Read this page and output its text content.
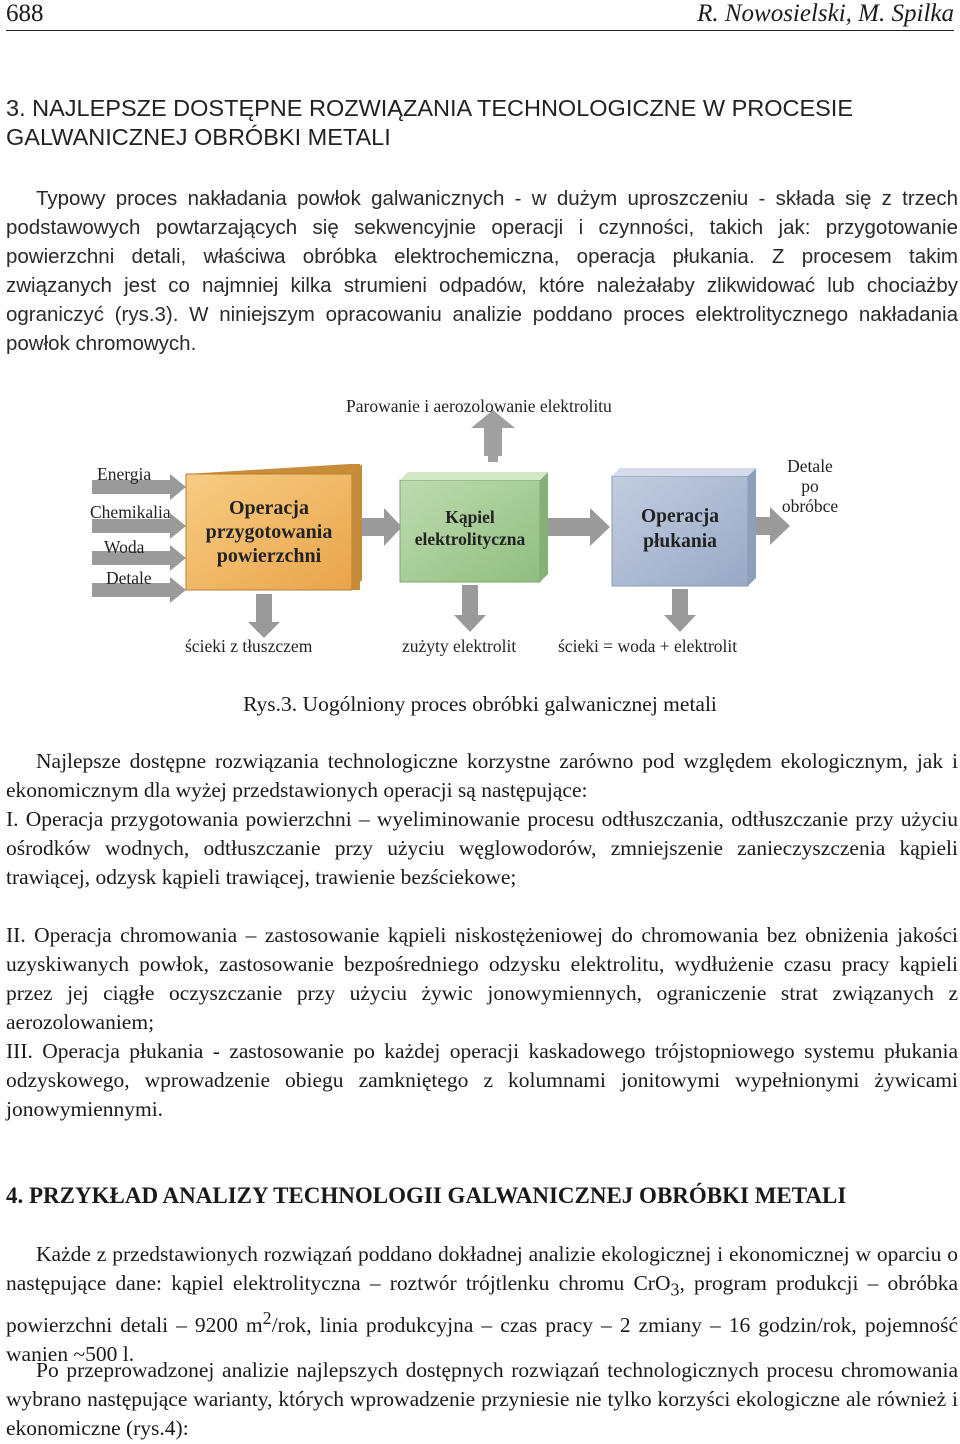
688	R. Nowosielski, M. Spilka
3. NAJLEPSZE DOSTĘPNE ROZWIĄZANIA TECHNOLOGICZNE W PROCESIE
GALWANICZNEJ OBRÓBKI METALI

Typowy proces nakładania powłok galwanicznych - w dużym uproszczeniu - składa się z trzech podstawowych powtarzających się sekwencyjnie operacji i czynności, takich jak: przygotowanie powierzchni detali, właściwa obróbka elektrochemiczna, operacja płukania. Z procesem takim związanych jest co najmniej kilka strumieni odpadów, które należałaby zlikwidować lub chociażby ograniczyć (rys.3). W niniejszym opracowaniu analizie poddano proces elektrolitycznego nakładania powłok chromowych.

Parowanie i aerozolowanie elektrolitu
Energia
Chemikalia
Woda
Detale
Operacja przygotowania powierzchni
Kąpiel elektrolityczna
Operacja płukania
Detale
po
obróbce
ścieki z tłuszczem	zużyty elektrolit ścieki = woda + elektrolit
Rys.3. Uogólniony proces obróbki galwanicznej metali

Najlepsze dostępne rozwiązania technologiczne korzystne zarówno pod względem ekologicznym, jak i ekonomicznym dla wyżej przedstawionych operacji są następujące:

I. Operacja przygotowania powierzchni – wyeliminowanie procesu odtłuszczania, odtłuszczanie przy użyciu ośrodków wodnych, odtłuszczanie przy użyciu węglowodorów, zmniejszenie zanieczyszczenia kąpieli trawiącej, odzysk kąpieli trawiącej, trawienie bezściekowe;

II. Operacja chromowania – zastosowanie kąpieli niskostężeniowej do chromowania bez obniżenia jakości uzyskiwanych powłok, zastosowanie bezpośredniego odzysku elektrolitu, wydłużenie czasu pracy kąpieli przez jej ciągłe oczyszczanie przy użyciu żywic jonowymiennych, ograniczenie strat związanych z aerozolowaniem;

III. Operacja płukania - zastosowanie po każdej operacji kaskadowego trójstopniowego systemu płukania odzyskowego, wprowadzenie obiegu zamkniętego z kolumnami jonitowymi wypełnionymi żywicami jonowymiennymi.

4. PRZYKŁAD ANALIZY TECHNOLOGII GALWANICZNEJ OBRÓBKI METALI

Każde z przedstawionych rozwiązań poddano dokładnej analizie ekologicznej i ekonomicznej w oparciu o następujące dane: kąpiel elektrolityczna – roztwór trójtlenku chromu CrO$_3$, program produkcji – obróbka powierzchni detali – 9200 $m^2$/rok, linia produkcyjna – czas pracy – 2 zmiany – 16 godzin/rok, pojemność wanien ~500 l.

Po przeprowadzonej analizie najlepszych dostępnych rozwiązań technologicznych procesu chromowania wybrano następujące warianty, których wprowadzenie przyniesie nie tylko korzyści ekologiczne ale również i ekonomiczne (rys.4):
